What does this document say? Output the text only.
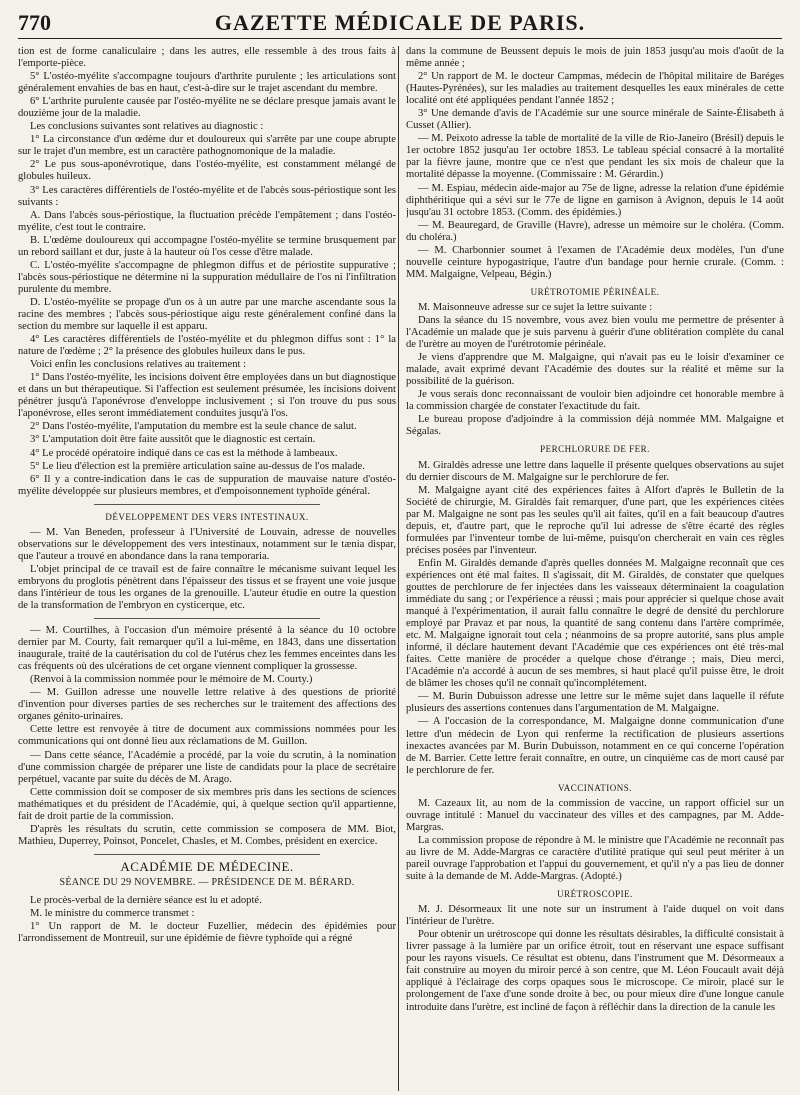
770	GAZETTE MÉDICALE DE PARIS.

tion est de forme canaliculaire ; dans les autres, elle ressemble à des trous faits à l'emporte-pièce.

5° L'ostéo-myélite s'accompagne toujours d'arthrite purulente ; les articulations sont généralement envahies de bas en haut, c'est-à-dire sur le trajet ascendant du membre.

6° L'arthrite purulente causée par l'ostéo-myélite ne se déclare presque jamais avant le douzième jour de la maladie.

Les conclusions suivantes sont relatives au diagnostic :

1° La circonstance d'un œdème dur et douloureux qui s'arrête par une coupe abrupte sur le trajet d'un membre, est un caractère pathognomonique de la maladie.

2° Le pus sous-aponévrotique, dans l'ostéo-myélite, est constamment mélangé de globules huileux.

3° Les caractères différentiels de l'ostéo-myélite et de l'abcès sous-périostique sont les suivants :

A. Dans l'abcès sous-périostique, la fluctuation précède l'empâtement ; dans l'ostéo-myélite, c'est tout le contraire.

B. L'œdème douloureux qui accompagne l'ostéo-myélite se termine brusquement par un rebord saillant et dur, juste à la hauteur où l'os cesse d'être malade.

C. L'ostéo-myélite s'accompagne de phlegmon diffus et de périostite suppurative ; l'abcès sous-périostique ne détermine ni la suppuration médullaire de l'os ni l'infiltration purulente du membre.

D. L'ostéo-myélite se propage d'un os à un autre par une marche ascendante sous la racine des membres ; l'abcès sous-périostique aigu reste généralement confiné dans la section du membre sur laquelle il est apparu.

4° Les caractères différentiels de l'ostéo-myélite et du phlegmon diffus sont : 1° la nature de l'œdème ; 2° la présence des globules huileux dans le pus.

Voici enfin les conclusions relatives au traitement :

1° Dans l'ostéo-myélite, les incisions doivent être employées dans un but diagnostique et dans un but thérapeutique. Si l'affection est seulement présumée, les incisions doivent pénétrer jusqu'à l'aponévrose d'enveloppe inclusivement ; si l'on trouve du pus sous l'aponévrose, elles seront immédiatement conduites jusqu'à l'os.

2° Dans l'ostéo-myélite, l'amputation du membre est la seule chance de salut.

3° L'amputation doit être faite aussitôt que le diagnostic est certain.

4° Le procédé opératoire indiqué dans ce cas est la méthode à lambeaux.

5° Le lieu d'élection est la première articulation saine au-dessus de l'os malade.

6° Il y a contre-indication dans le cas de suppuration de mauvaise nature d'ostéo-myélite développée sur plusieurs membres, et d'empoisonnement typhoïde général.

DÉVELOPPEMENT DES VERS INTESTINAUX.

— M. Van Beneden, professeur à l'Université de Louvain, adresse de nouvelles observations sur le développement des vers intestinaux, notamment sur le tænia dispar, que l'auteur a trouvé en abondance dans la rana temporaria.

L'objet principal de ce travail est de faire connaître le mécanisme suivant lequel les embryons du proglotis pénètrent dans l'épaisseur des tissus et se frayent une voie jusque dans l'intérieur de tous les organes de la grenouille. L'auteur étudie en outre la question de la transformation de l'embryon en cysticerque, etc.

— M. Courtilhes, à l'occasion d'un mémoire présenté à la séance du 10 octobre dernier par M. Courty, fait remarquer qu'il a lui-même, en 1843, dans une dissertation inaugurale, traité de la cautérisation du col de l'utérus chez les femmes enceintes dans les cas fréquents où des ulcérations de cet organe viennent compliquer la grossesse.

(Renvoi à la commission nommée pour le mémoire de M. Courty.)

— M. Guillon adresse une nouvelle lettre relative à des questions de priorité d'invention pour diverses parties de ses recherches sur le traitement des affections des organes génito-urinaires.

Cette lettre est renvoyée à titre de document aux commissions nommées pour les communications qui ont donné lieu aux réclamations de M. Guillon.

— Dans cette séance, l'Académie a procédé, par la voie du scrutin, à la nomination d'une commission chargée de préparer une liste de candidats pour la place de secrétaire perpétuel, vacante par suite du décès de M. Arago.

Cette commission doit se composer de six membres pris dans les sections de sciences mathématiques et du président de l'Académie, qui, à quelque section qu'il appartienne, fait de droit partie de la commission.

D'après les résultats du scrutin, cette commission se composera de MM. Biot, Mathieu, Duperrey, Poinsot, Poncelet, Chasles, et M. Combes, président en exercice.

ACADÉMIE DE MÉDECINE.
SÉANCE DU 29 NOVEMBRE. — PRÉSIDENCE DE M. BÉRARD.

Le procès-verbal de la dernière séance est lu et adopté.

M. le ministre du commerce transmet :

1° Un rapport de M. le docteur Fuzellier, médecin des épidémies pour l'arrondissement de Montreuil, sur une épidémie de fièvre typhoïde qui a régné

dans la commune de Beussent depuis le mois de juin 1853 jusqu'au mois d'août de la même année ;

2° Un rapport de M. le docteur Campmas, médecin de l'hôpital militaire de Baréges (Hautes-Pyrénées), sur les maladies au traitement desquelles les eaux minérales de cette localité ont été appliquées pendant l'année 1852 ;

3° Une demande d'avis de l'Académie sur une source minérale de Sainte-Élisabeth à Cusset (Allier).

— M. Peixoto adresse la table de mortalité de la ville de Rio-Janeiro (Brésil) depuis le 1er octobre 1852 jusqu'au 1er octobre 1853. Le tableau spécial consacré à la mortalité par la fièvre jaune, montre que ce n'est que pendant les six mois de chaleur que la mortalité dépasse la moyenne. (Commissaire : M. Gérardin.)

— M. Espiau, médecin aide-major au 75e de ligne, adresse la relation d'une épidémie diphthéritique qui a sévi sur le 77e de ligne en garnison à Avignon, depuis le 14 août jusqu'au 31 octobre 1853. (Comm. des épidémies.)

— M. Beauregard, de Graville (Havre), adresse un mémoire sur le choléra. (Comm. du choléra.)

— M. Charbonnier soumet à l'examen de l'Académie deux modèles, l'un d'une nouvelle ceinture hypogastrique, l'autre d'un bandage pour hernie crurale. (Comm. : MM. Malgaigne, Velpeau, Bégin.)

URÉTROTOMIE PÉRINÉALE.

M. Maisonneuve adresse sur ce sujet la lettre suivante :

Dans la séance du 15 novembre, vous avez bien voulu me permettre de présenter à l'Académie un malade que je suis parvenu à guérir d'une oblitération complète du canal de l'urètre au moyen de l'urétrotomie périnéale.

Je viens d'apprendre que M. Malgaigne, qui n'avait pas eu le loisir d'examiner ce malade, avait exprimé devant l'Académie des doutes sur la réalité et même sur la possibilité de la guérison.

Je vous serais donc reconnaissant de vouloir bien adjoindre cet honorable membre à la commission chargée de constater l'exactitude du fait.

Le bureau propose d'adjoindre à la commission déjà nommée MM. Malgaigne et Ségalas.

PERCHLORURE DE FER.

M. Giraldès adresse une lettre dans laquelle il présente quelques observations au sujet du dernier discours de M. Malgaigne sur le perchlorure de fer.

M. Malgaigne ayant cité des expériences faites à Alfort d'après le Bulletin de la Société de chirurgie, M. Giraldès fait remarquer, d'une part, que les expériences citées par M. Malgaigne ne sont pas les seules qu'il ait faites, qu'il en a fait beaucoup d'autres depuis, et, d'autre part, que le reproche qu'il lui adresse de s'être écarté des règles formulées par l'inventeur tombe de lui-même, puisqu'on chercherait en vain ces règles précises posées par l'inventeur.

Enfin M. Giraldès demande d'après quelles données M. Malgaigne reconnaît que ces expériences ont été mal faites. Il s'agissait, dit M. Giraldès, de constater que quelques gouttes de perchlorure de fer injectées dans les vaisseaux déterminaient la coagulation immédiate du sang ; or l'expérience a réussi ; mais pour apprécier si quelque chose avait manqué à l'expérimentation, il aurait fallu connaître le degré de densité du perchlorure employé par Pravaz et par nous, la quantité de sang contenu dans l'artère comprimée, etc. M. Malgaigne ignorait tout cela ; néanmoins de sa propre autorité, sans plus ample informé, il déclare hautement devant l'Académie que ces expériences ont été très-mal faites. Cette manière de procéder a quelque chose d'étrange ; mais, Dieu merci, l'Académie n'a accordé à aucun de ses membres, si haut placé qu'il puisse être, le droit de blâmer les choses qu'il ne connaît qu'incomplétement.

— M. Burin Dubuisson adresse une lettre sur le même sujet dans laquelle il réfute plusieurs des assertions contenues dans l'argumentation de M. Malgaigne.

— A l'occasion de la correspondance, M. Malgaigne donne communication d'une lettre d'un médecin de Lyon qui renferme la rectification de plusieurs assertions inexactes avancées par M. Burin Dubuisson, notamment en ce qui concerne l'opération de M. Barrier. Cette lettre ferait connaître, en outre, un cinquième cas de mort causé par le perchlorure de fer.

VACCINATIONS.

M. Cazeaux lit, au nom de la commission de vaccine, un rapport officiel sur un ouvrage intitulé : Manuel du vaccinateur des villes et des campagnes, par M. Adde-Margras.

La commission propose de répondre à M. le ministre que l'Académie ne reconnaît pas au livre de M. Adde-Margras ce caractère d'utilité pratique qui seul peut mériter à un pareil ouvrage l'approbation et l'appui du gouvernement, et qu'il n'y a pas lieu de donner suite à la demande de M. Adde-Margras. (Adopté.)

URÉTROSCOPIE.

M. J. Désormeaux lit une note sur un instrument à l'aide duquel on voit dans l'intérieur de l'urètre.

Pour obtenir un urétroscope qui donne les résultats désirables, la difficulté consistait à livrer passage à la lumière par un orifice étroit, tout en réservant une espace suffisant pour les rayons visuels. Ce résultat est obtenu, dans l'instrument que M. Désormeaux a fait construire au moyen du miroir percé à son centre, que M. Léon Foucault avait déjà appliqué à l'éclairage des corps opaques sous le microscope. Ce miroir, placé sur le prolongement de l'axe d'une sonde droite à bec, ou pour mieux dire d'une longue canule introduite dans l'urètre, est incliné de façon à réfléchir dans la direction de la canule les
